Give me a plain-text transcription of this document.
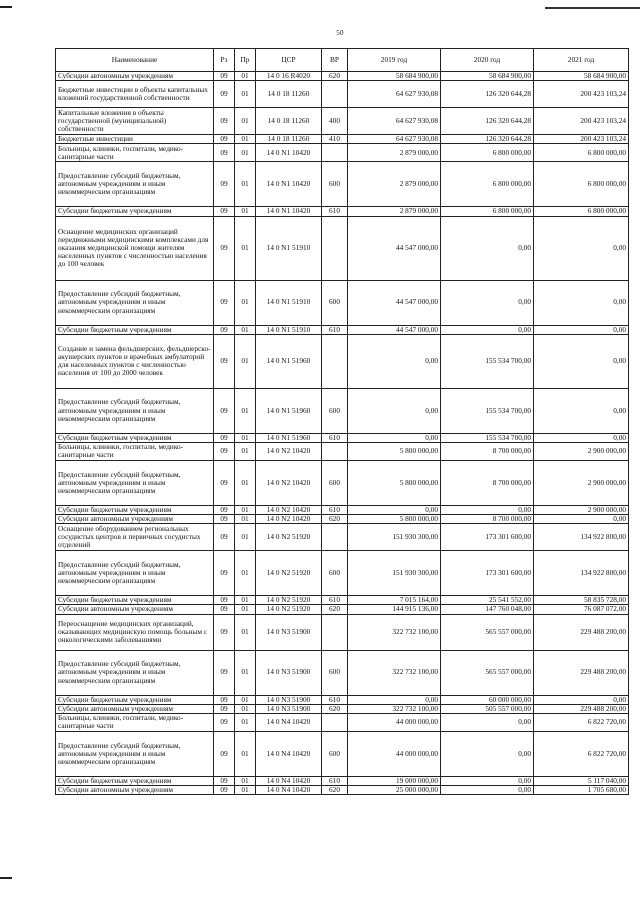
50
Наименование	Рз	Пр	ЦСР	ВР	2019 год	2020 год	2021 год
Субсидии автономным учреждениям	09	01	14 0 16 R4020	620	58 684 900,00	58 684 900,00	58 684 900,00
Бюджетные инвестиции в объекты капитальных вложений государственной собственности	09	01	14 0 18 11260		64 627 930,08	126 320 644,28	200 423 103,24
Капитальные вложения в объекты государственной (муниципальной) собственности	09	01	14 0 18 11260	400	64 627 930,08	126 320 644,28	200 423 103,24
Бюджетные инвестиции	09	01	14 0 18 11260	410	64 627 930,08	126 320 644,28	200 423 103,24
Больницы, клиники, госпитали, медико-санитарные части	09	01	14 0 N1 10420		2 879 000,00	6 800 000,00	6 800 000,00
Предоставление субсидий бюджетным, автономным учреждениям и иным некоммерческим организациям	09	01	14 0 N1 10420	600	2 879 000,00	6 800 000,00	6 800 000,00
Субсидии бюджетным учреждениям	09	01	14 0 N1 10420	610	2 879 000,00	6 800 000,00	6 800 000,00
Оснащение медицинских организаций передвижными медицинскими комплексами для оказания медицинской помощи жителям населенных пунктов с численностью населения до 100 человек	09	01	14 0 N1 51910		44 547 000,00	0,00	0,00
Предоставление субсидий бюджетным, автономным учреждениям и иным некоммерческим организациям	09	01	14 0 N1 51910	600	44 547 000,00	0,00	0,00
Субсидии бюджетным учреждениям	09	01	14 0 N1 51910	610	44 547 000,00	0,00	0,00
Создание и замена фельдшерских, фельдшерско-акушерских пунктов и врачебных амбулаторий для населенных пунктов с численностью населения от 100 до 2000 человек	09	01	14 0 N1 51960		0,00	155 534 700,00	0,00
Предоставление субсидий бюджетным, автономным учреждениям и иным некоммерческим организациям	09	01	14 0 N1 51960	600	0,00	155 534 700,00	0,00
Субсидии бюджетным учреждениям	09	01	14 0 N1 51960	610	0,00	155 534 700,00	0,00
Больницы, клиники, госпитали, медико-санитарные части	09	01	14 0 N2 10420		5 800 000,00	8 700 000,00	2 900 000,00
Предоставление субсидий бюджетным, автономным учреждениям и иным некоммерческим организациям	09	01	14 0 N2 10420	600	5 800 000,00	8 700 000,00	2 900 000,00
Субсидии бюджетным учреждениям	09	01	14 0 N2 10420	610	0,00	0,00	2 900 000,00
Субсидии автономным учреждениям	09	01	14 0 N2 10420	620	5 800 000,00	8 700 000,00	0,00
Оснащение оборудованием региональных сосудистых центров и первичных сосудистых отделений	09	01	14 0 N2 51920		151 930 300,00	173 301 600,00	134 922 800,00
Предоставление субсидий бюджетным, автономным учреждениям и иным некоммерческим организациям	09	01	14 0 N2 51920	600	151 930 300,00	173 301 600,00	134 922 800,00
Субсидии бюджетным учреждениям	09	01	14 0 N2 51920	610	7 015 164,00	25 541 552,00	58 835 728,00
Субсидии автономным учреждениям	09	01	14 0 N2 51920	620	144 915 136,00	147 760 048,00	76 087 072,00
Переоснащение медицинских организаций, оказывающих медицинскую помощь больным с онкологическими заболеваниями	09	01	14 0 N3 51900		322 732 100,00	565 557 000,00	229 488 200,00
Предоставление субсидий бюджетным, автономным учреждениям и иным некоммерческим организациям	09	01	14 0 N3 51900	600	322 732 100,00	565 557 000,00	229 488 200,00
Субсидии бюджетным учреждениям	09	01	14 0 N3 51900	610	0,00	60 000 000,00	0,00
Субсидии автономным учреждениям	09	01	14 0 N3 51900	620	322 732 100,00	505 557 000,00	229 488 200,00
Больницы, клиники, госпитали, медико-санитарные части	09	01	14 0 N4 10420		44 000 000,00	0,00	6 822 720,00
Предоставление субсидий бюджетным, автономным учреждениям и иным некоммерческим организациям	09	01	14 0 N4 10420	600	44 000 000,00	0,00	6 822 720,00
Субсидии бюджетным учреждениям	09	01	14 0 N4 10420	610	19 000 000,00	0,00	5 117 040,00
Субсидии автономным учреждениям	09	01	14 0 N4 10420	620	25 000 000,00	0,00	1 705 680,00
